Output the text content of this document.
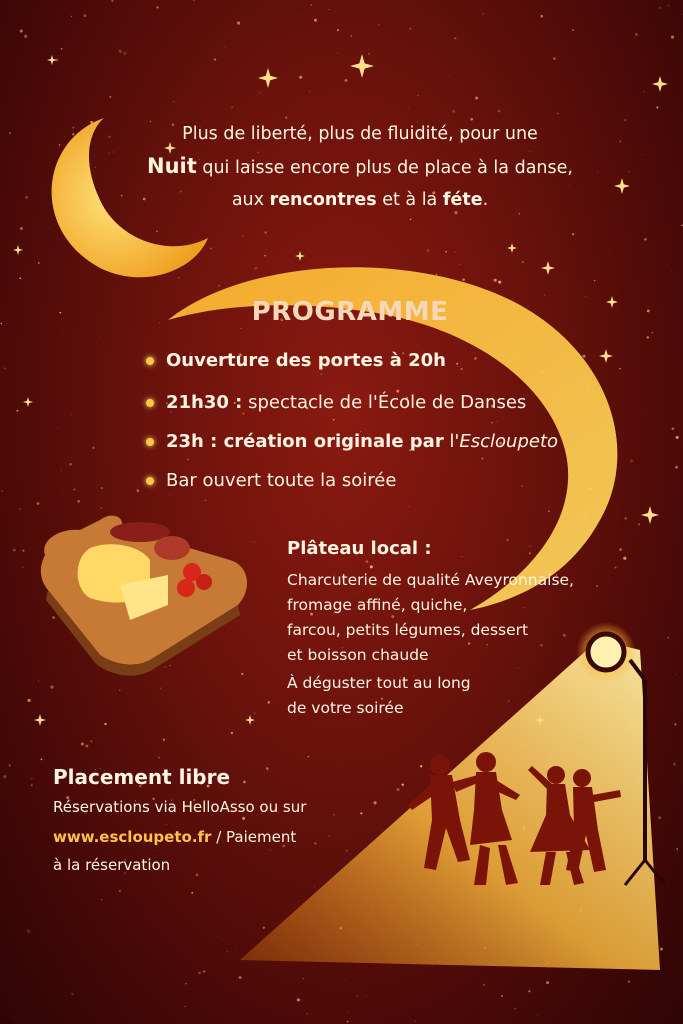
Plus de liberté, plus de fluidité, pour une
Nuit qui laisse encore plus de place à la danse,
aux rencontres et à la féte.
PROGRAMME
Ouverture des portes à 20h
21h30 : spectacle de l'École de Danses
23h : création originale par l'Escloupeto
Bar ouvert toute la soirée
Plâteau local :
Charcuterie de qualité Aveyronnaise,
fromage affiné, quiche,
farcou, petits légumes, dessert
et boisson chaude
À déguster tout au long
de votre soirée
Placement libre
Réservations via HelloAsso ou sur
www.escloupeto.fr / Paiement
à la réservation
